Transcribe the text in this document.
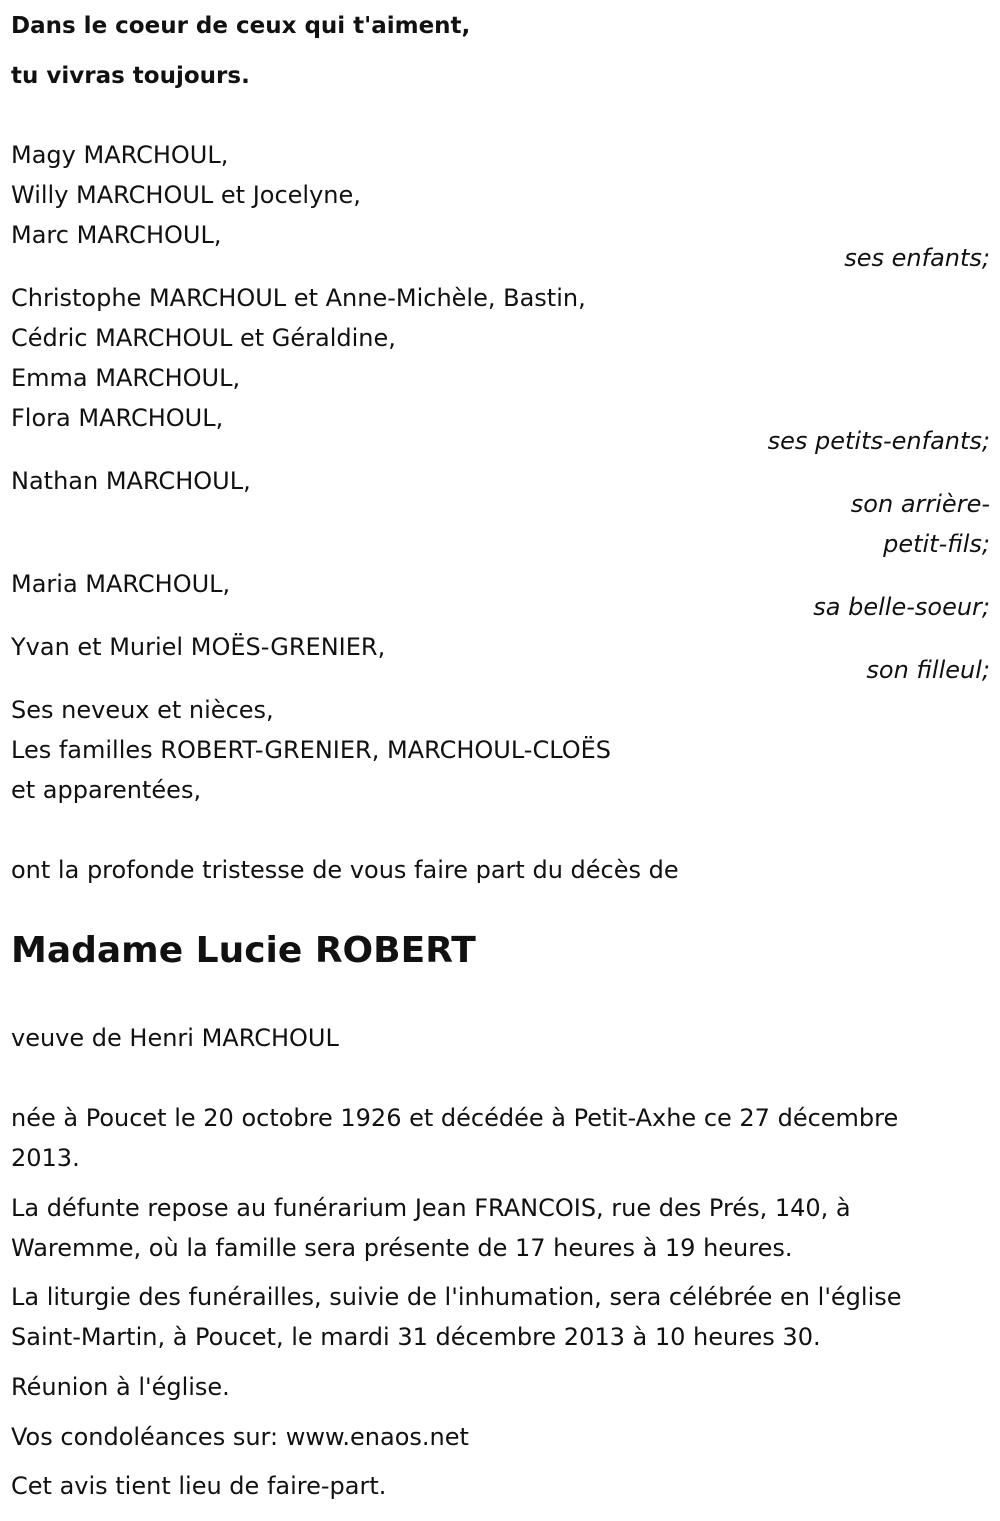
Dans le coeur de ceux qui t'aiment,
tu vivras toujours.
Magy MARCHOUL,
Willy MARCHOUL et Jocelyne,
Marc MARCHOUL,
ses enfants;
Christophe MARCHOUL et Anne-Michèle, Bastin,
Cédric MARCHOUL et Géraldine,
Emma MARCHOUL,
Flora MARCHOUL,
ses petits-enfants;
Nathan MARCHOUL,
son arrière-
petit-fils;
Maria MARCHOUL,
sa belle-soeur;
Yvan et Muriel MOËS-GRENIER,
son filleul;
Ses neveux et nièces,
Les familles ROBERT-GRENIER, MARCHOUL-CLOËS
et apparentées,
ont la profonde tristesse de vous faire part du décès de
Madame Lucie ROBERT
veuve de Henri MARCHOUL
née à Poucet le 20 octobre 1926 et décédée à Petit-Axhe ce 27 décembre
2013.
La défunte repose au funérarium Jean FRANCOIS, rue des Prés, 140, à
Waremme, où la famille sera présente de 17 heures à 19 heures.
La liturgie des funérailles, suivie de l'inhumation, sera célébrée en l'église
Saint-Martin, à Poucet, le mardi 31 décembre 2013 à 10 heures 30.
Réunion à l'église.
Vos condoléances sur: www.enaos.net
Cet avis tient lieu de faire-part.
